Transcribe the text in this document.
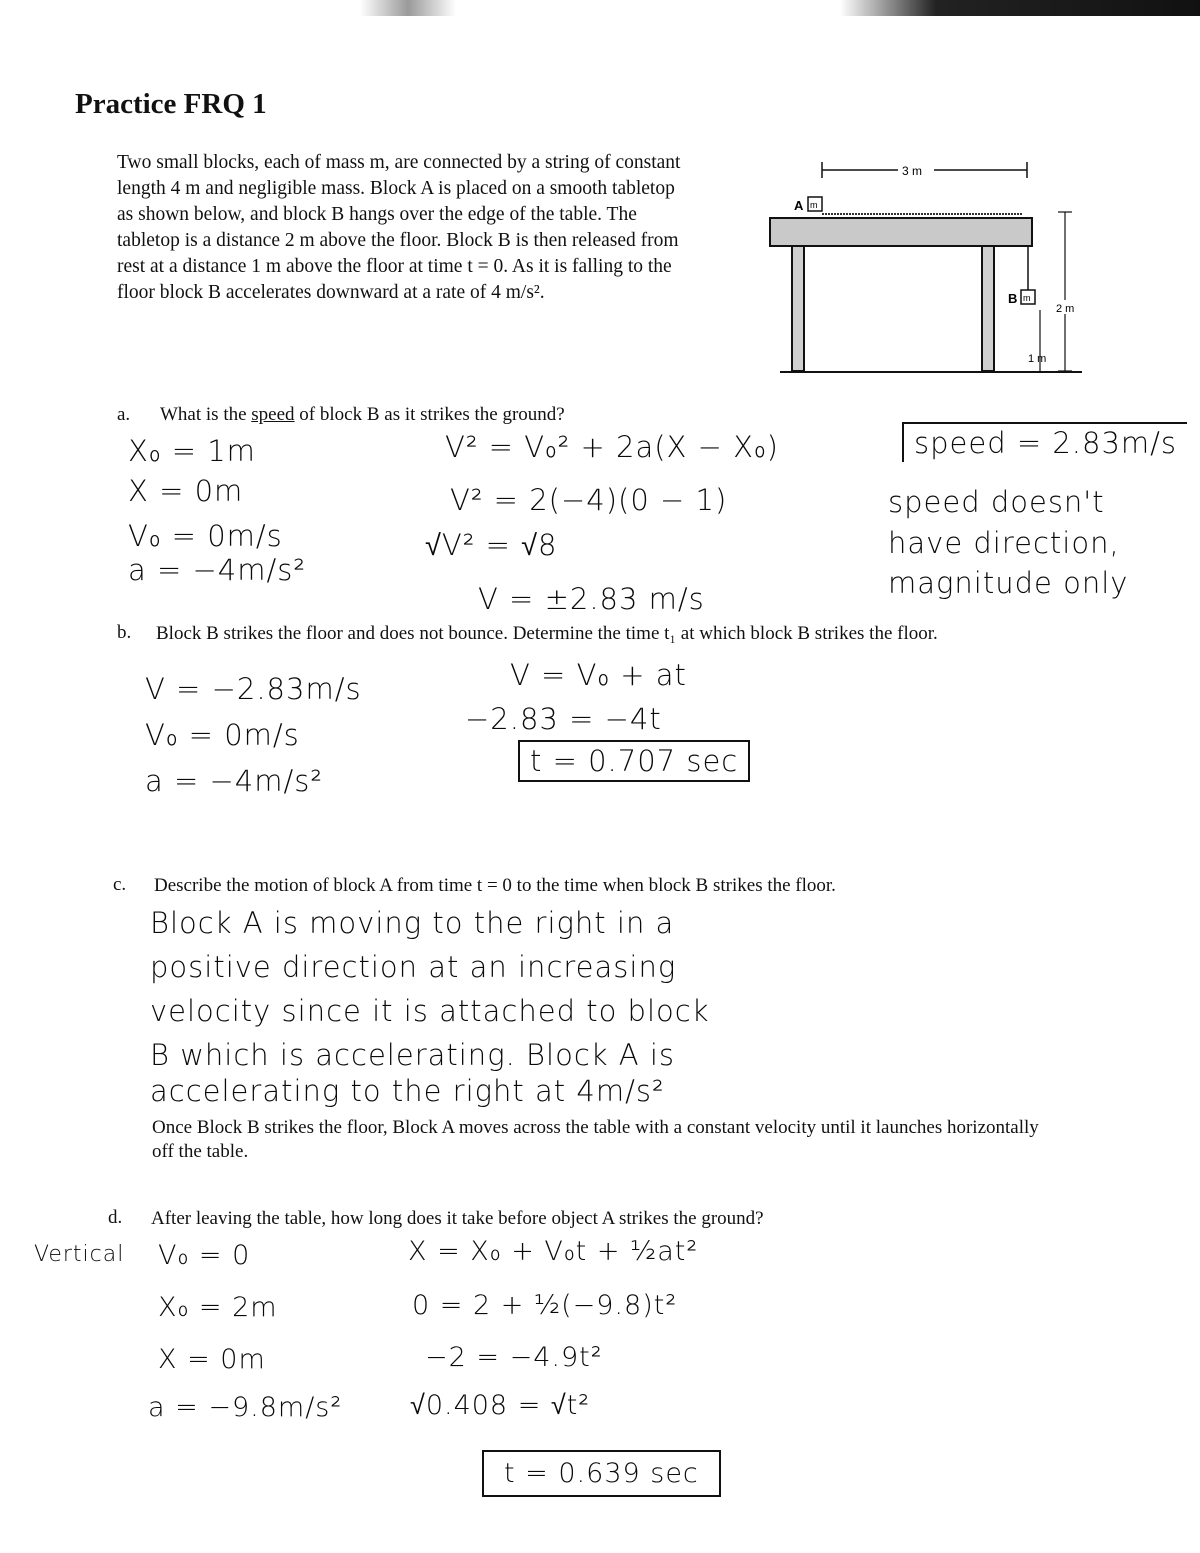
Practice FRQ 1
Two small blocks, each of mass m, are connected by a string of constant length 4 m and negligible mass. Block A is placed on a smooth tabletop as shown below, and block B hangs over the edge of the table. The tabletop is a distance 2 m above the floor. Block B is then released from rest at a distance 1 m above the floor at time t = 0. As it is falling to the floor block B accelerates downward at a rate of 4 m/s².
3 m
A m
B m
2 m
1 m
a. What is the speed of block B as it strikes the ground?
X₀ = 1m
X = 0m
V₀ = 0m/s
a = −4m/s²
V² = V₀² + 2a(X − X₀)
V² = 2(−4)(0 − 1)
√V² = √8
V = ±2.83 m/s
speed = 2.83m/s
speed doesn't
have direction,
magnitude only
b. Block B strikes the floor and does not bounce. Determine the time t₁ at which block B strikes the floor.
V = −2.83m/s
V₀ = 0m/s
a = −4m/s²
V = V₀ + at
−2.83 = −4t
t = 0.707 sec
c. Describe the motion of block A from time t = 0 to the time when block B strikes the floor.
Block A is moving to the right in a
positive direction at an increasing
velocity since it is attached to block
B which is accelerating. Block A is
accelerating to the right at 4m/s²
Once Block B strikes the floor, Block A moves across the table with a constant velocity until it launches horizontally off the table.
d. After leaving the table, how long does it take before object A strikes the ground?
Vertical V₀ = 0
X₀ = 2m
X = 0m
a = −9.8m/s²
X = X₀ + V₀t + ½at²
0 = 2 + ½(−9.8)t²
−2 = −4.9t²
√0.408 = √t²
t = 0.639 sec
